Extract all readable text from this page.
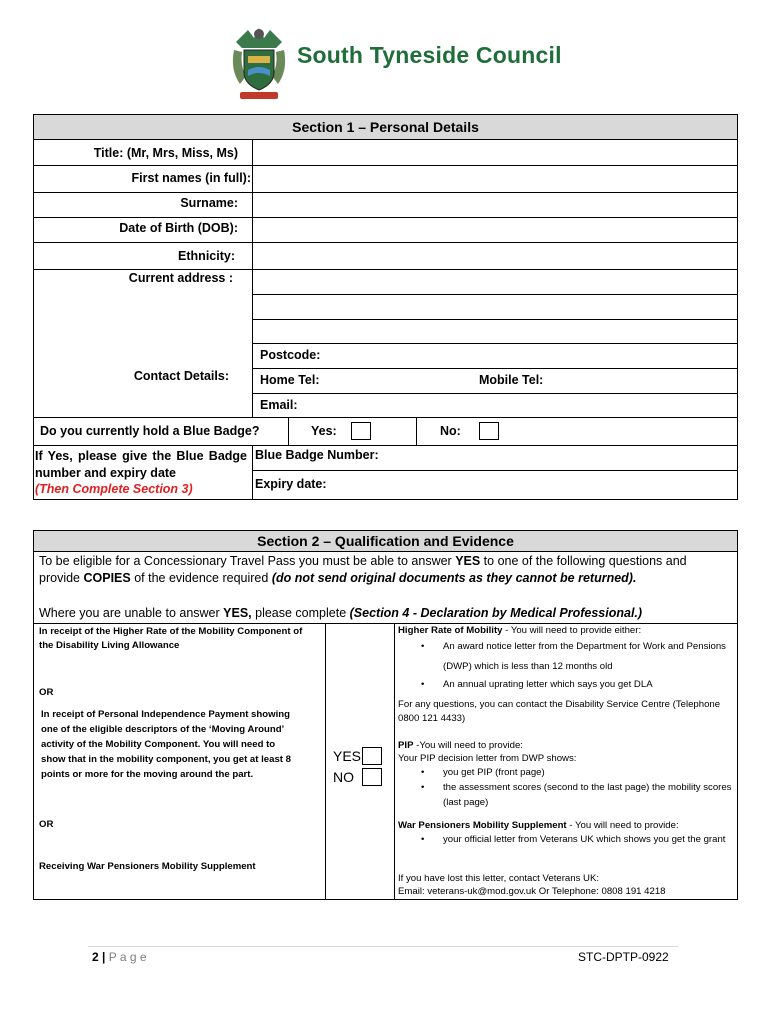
South Tyneside Council
Section 1 – Personal Details
Title: (Mr, Mrs, Miss, Ms)
First names (in full):
Surname:
Date of Birth (DOB):
Ethnicity:
Current address :
Contact Details:
Postcode:
Home Tel:	Mobile Tel:
Email:
Do you currently hold a Blue Badge?	Yes:	No:
If Yes, please give the Blue Badge number and expiry date
(Then Complete Section 3)
Blue Badge Number:
Expiry date:
Section 2 – Qualification and Evidence
To be eligible for a Concessionary Travel Pass you must be able to answer YES to one of the following questions and provide COPIES of the evidence required (do not send original documents as they cannot be returned).
Where you are unable to answer YES, please complete (Section 4 - Declaration by Medical Professional.)
In receipt of the Higher Rate of the Mobility Component of the Disability Living Allowance
OR
In receipt of Personal Independence Payment showing one of the eligible descriptors of the ‘Moving Around’ activity of the Mobility Component. You will need to show that in the mobility component, you get at least 8 points or more for the moving around the part.
OR
Receiving War Pensioners Mobility Supplement
YES
NO
Higher Rate of Mobility - You will need to provide either:
• An award notice letter from the Department for Work and Pensions (DWP) which is less than 12 months old
• An annual uprating letter which says you get DLA
For any questions, you can contact the Disability Service Centre (Telephone 0800 121 4433)
PIP -You will need to provide:
Your PIP decision letter from DWP shows:
• you get PIP (front page)
• the assessment scores (second to the last page) the mobility scores (last page)
War Pensioners Mobility Supplement - You will need to provide:
• your official letter from Veterans UK which shows you get the grant
If you have lost this letter, contact Veterans UK:
Email: veterans-uk@mod.gov.uk Or Telephone: 0808 191 4218
2 | P a g e	STC-DPTP-0922
